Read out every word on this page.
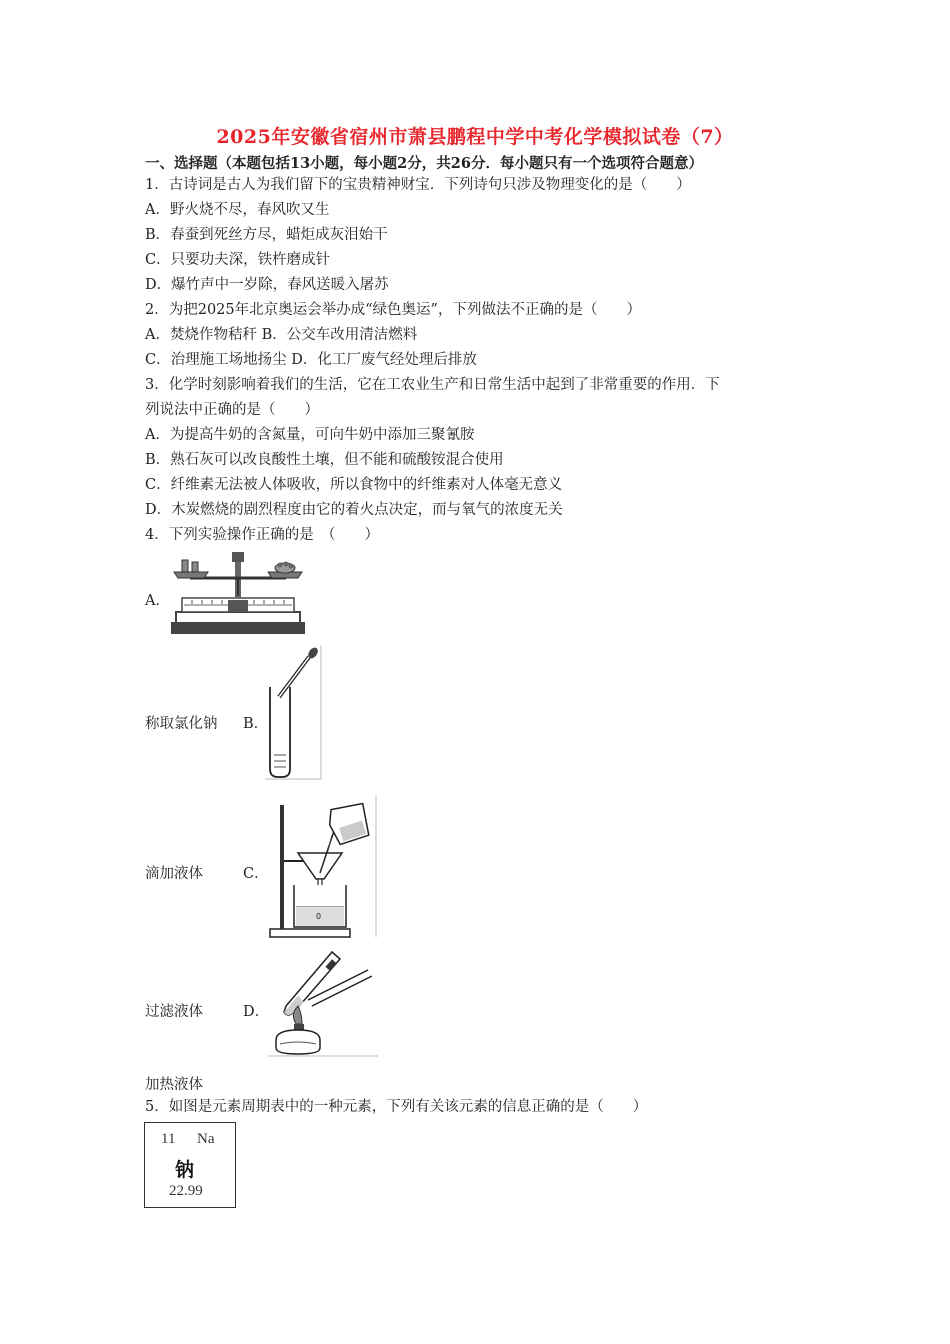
2025年安徽省宿州市萧县鹏程中学中考化学模拟试卷（7）
一、选择题（本题包括13小题，每小题2分，共26分．每小题只有一个选项符合题意）
1．古诗词是古人为我们留下的宝贵精神财宝．下列诗句只涉及物理变化的是（　　）
A．野火烧不尽，春风吹又生
B．春蚕到死丝方尽，蜡炬成灰泪始干
C．只要功夫深，铁杵磨成针
D．爆竹声中一岁除，春风送暖入屠苏
2．为把2025年北京奥运会举办成“绿色奥运”，下列做法不正确的是（　　）
A．焚烧作物秸秆 B．公交车改用清洁燃料
C．治理施工场地扬尘 D．化工厂废气经处理后排放
3．化学时刻影响着我们的生活，它在工农业生产和日常生活中起到了非常重要的作用．下
列说法中正确的是（　　）
A．为提高牛奶的含氮量，可向牛奶中添加三聚氰胺
B．熟石灰可以改良酸性土壤，但不能和硫酸铵混合使用
C．纤维素无法被人体吸收，所以食物中的纤维素对人体毫无意义
D．木炭燃烧的剧烈程度由它的着火点决定，而与氧气的浓度无关
4．下列实验操作正确的是　（　　）
A．
称取氯化钠 B．
滴加液体	C．
0
过滤液体	D．
加热液体
5．如图是元素周期表中的一种元素，下列有关该元素的信息正确的是（　　）
11 Na
钠
22.99
